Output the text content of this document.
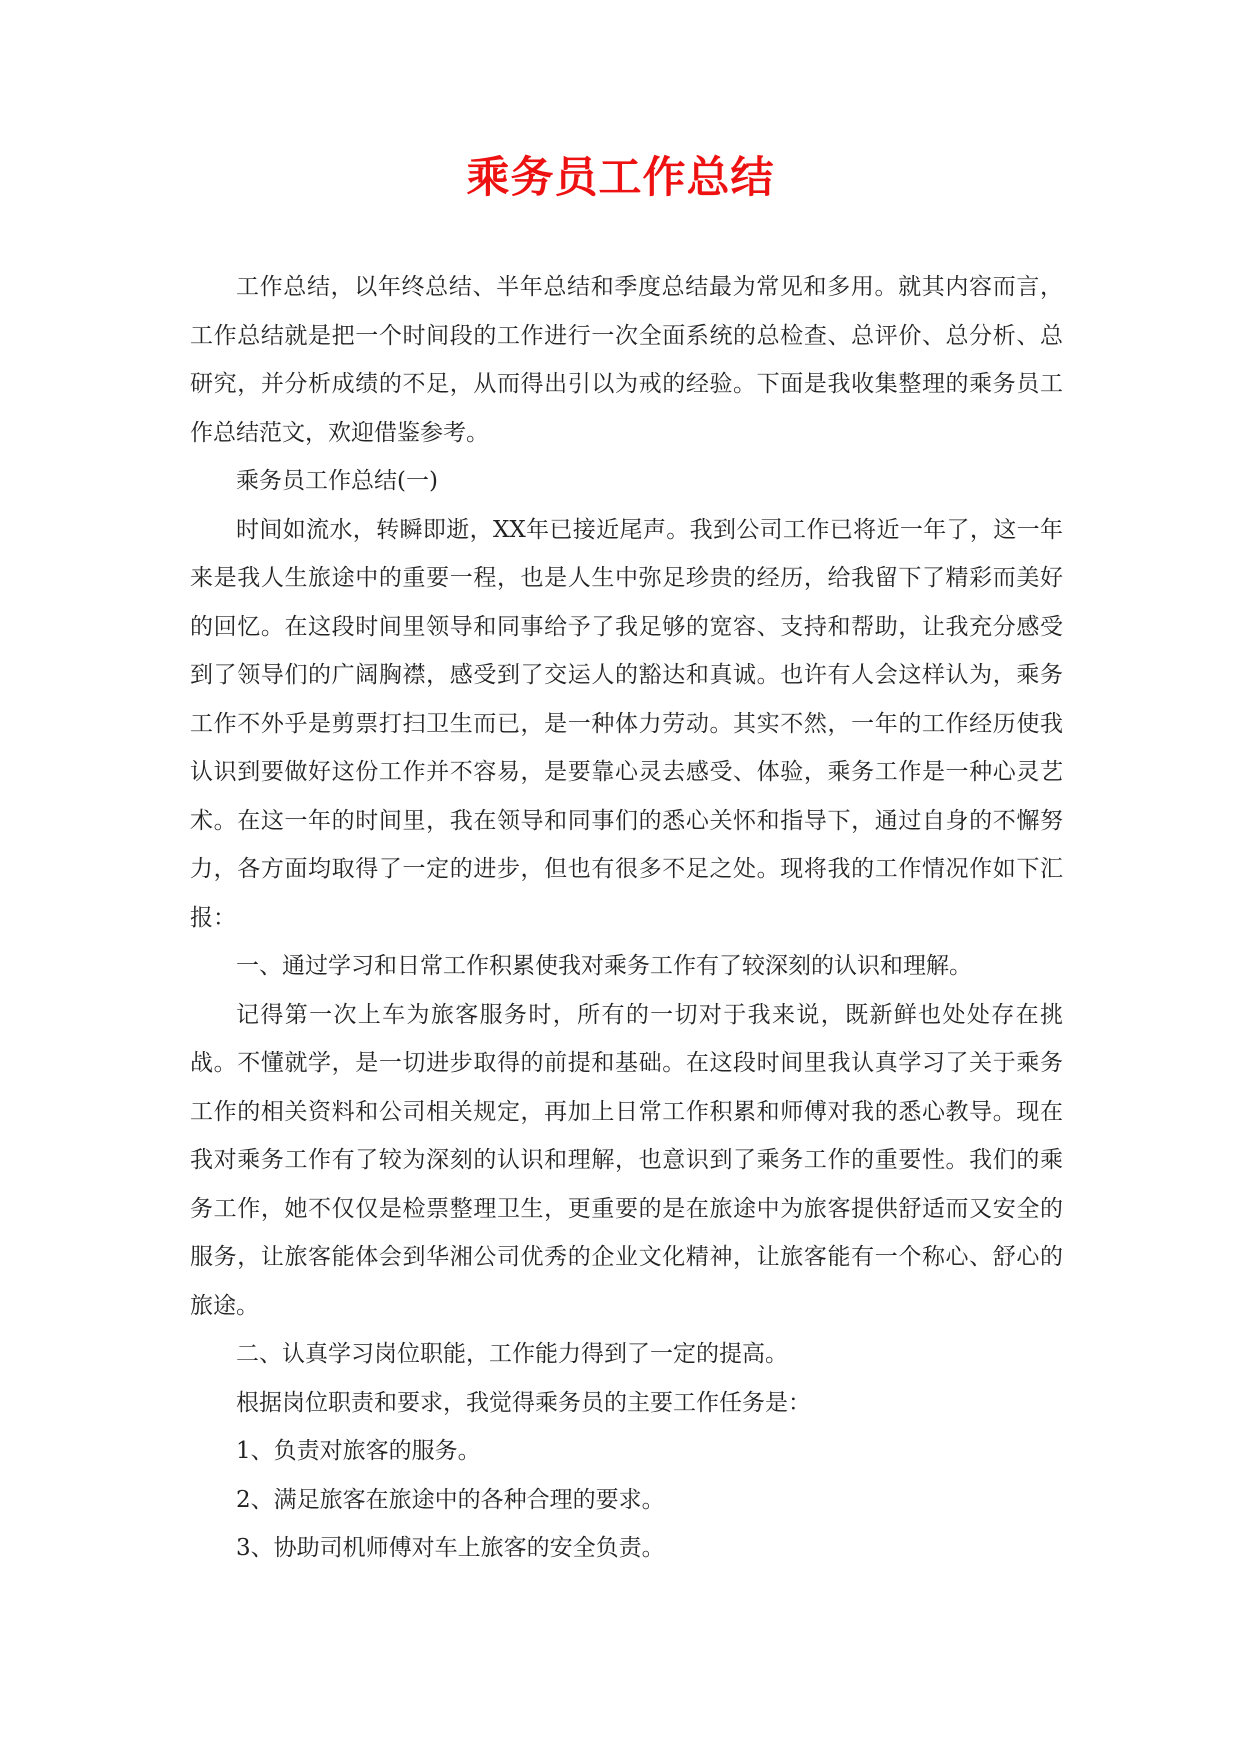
乘务员工作总结

工作总结，以年终总结、半年总结和季度总结最为常见和多用。就其内容而言，工作总结就是把一个时间段的工作进行一次全面系统的总检查、总评价、总分析、总研究，并分析成绩的不足，从而得出引以为戒的经验。下面是我收集整理的乘务员工作总结范文，欢迎借鉴参考。

乘务员工作总结(一)

时间如流水，转瞬即逝，XX年已接近尾声。我到公司工作已将近一年了，这一年来是我人生旅途中的重要一程，也是人生中弥足珍贵的经历，给我留下了精彩而美好的回忆。在这段时间里领导和同事给予了我足够的宽容、支持和帮助，让我充分感受到了领导们的广阔胸襟，感受到了交运人的豁达和真诚。也许有人会这样认为，乘务工作不外乎是剪票打扫卫生而已，是一种体力劳动。其实不然，一年的工作经历使我认识到要做好这份工作并不容易，是要靠心灵去感受、体验，乘务工作是一种心灵艺术。在这一年的时间里，我在领导和同事们的悉心关怀和指导下，通过自身的不懈努力，各方面均取得了一定的进步，但也有很多不足之处。现将我的工作情况作如下汇报：

一、通过学习和日常工作积累使我对乘务工作有了较深刻的认识和理解。

记得第一次上车为旅客服务时，所有的一切对于我来说，既新鲜也处处存在挑战。不懂就学，是一切进步取得的前提和基础。在这段时间里我认真学习了关于乘务工作的相关资料和公司相关规定，再加上日常工作积累和师傅对我的悉心教导。现在我对乘务工作有了较为深刻的认识和理解，也意识到了乘务工作的重要性。我们的乘务工作，她不仅仅是检票整理卫生，更重要的是在旅途中为旅客提供舒适而又安全的服务，让旅客能体会到华湘公司优秀的企业文化精神，让旅客能有一个称心、舒心的旅途。

二、认真学习岗位职能，工作能力得到了一定的提高。

根据岗位职责和要求，我觉得乘务员的主要工作任务是：

1、负责对旅客的服务。

2、满足旅客在旅途中的各种合理的要求。

3、协助司机师傅对车上旅客的安全负责。
